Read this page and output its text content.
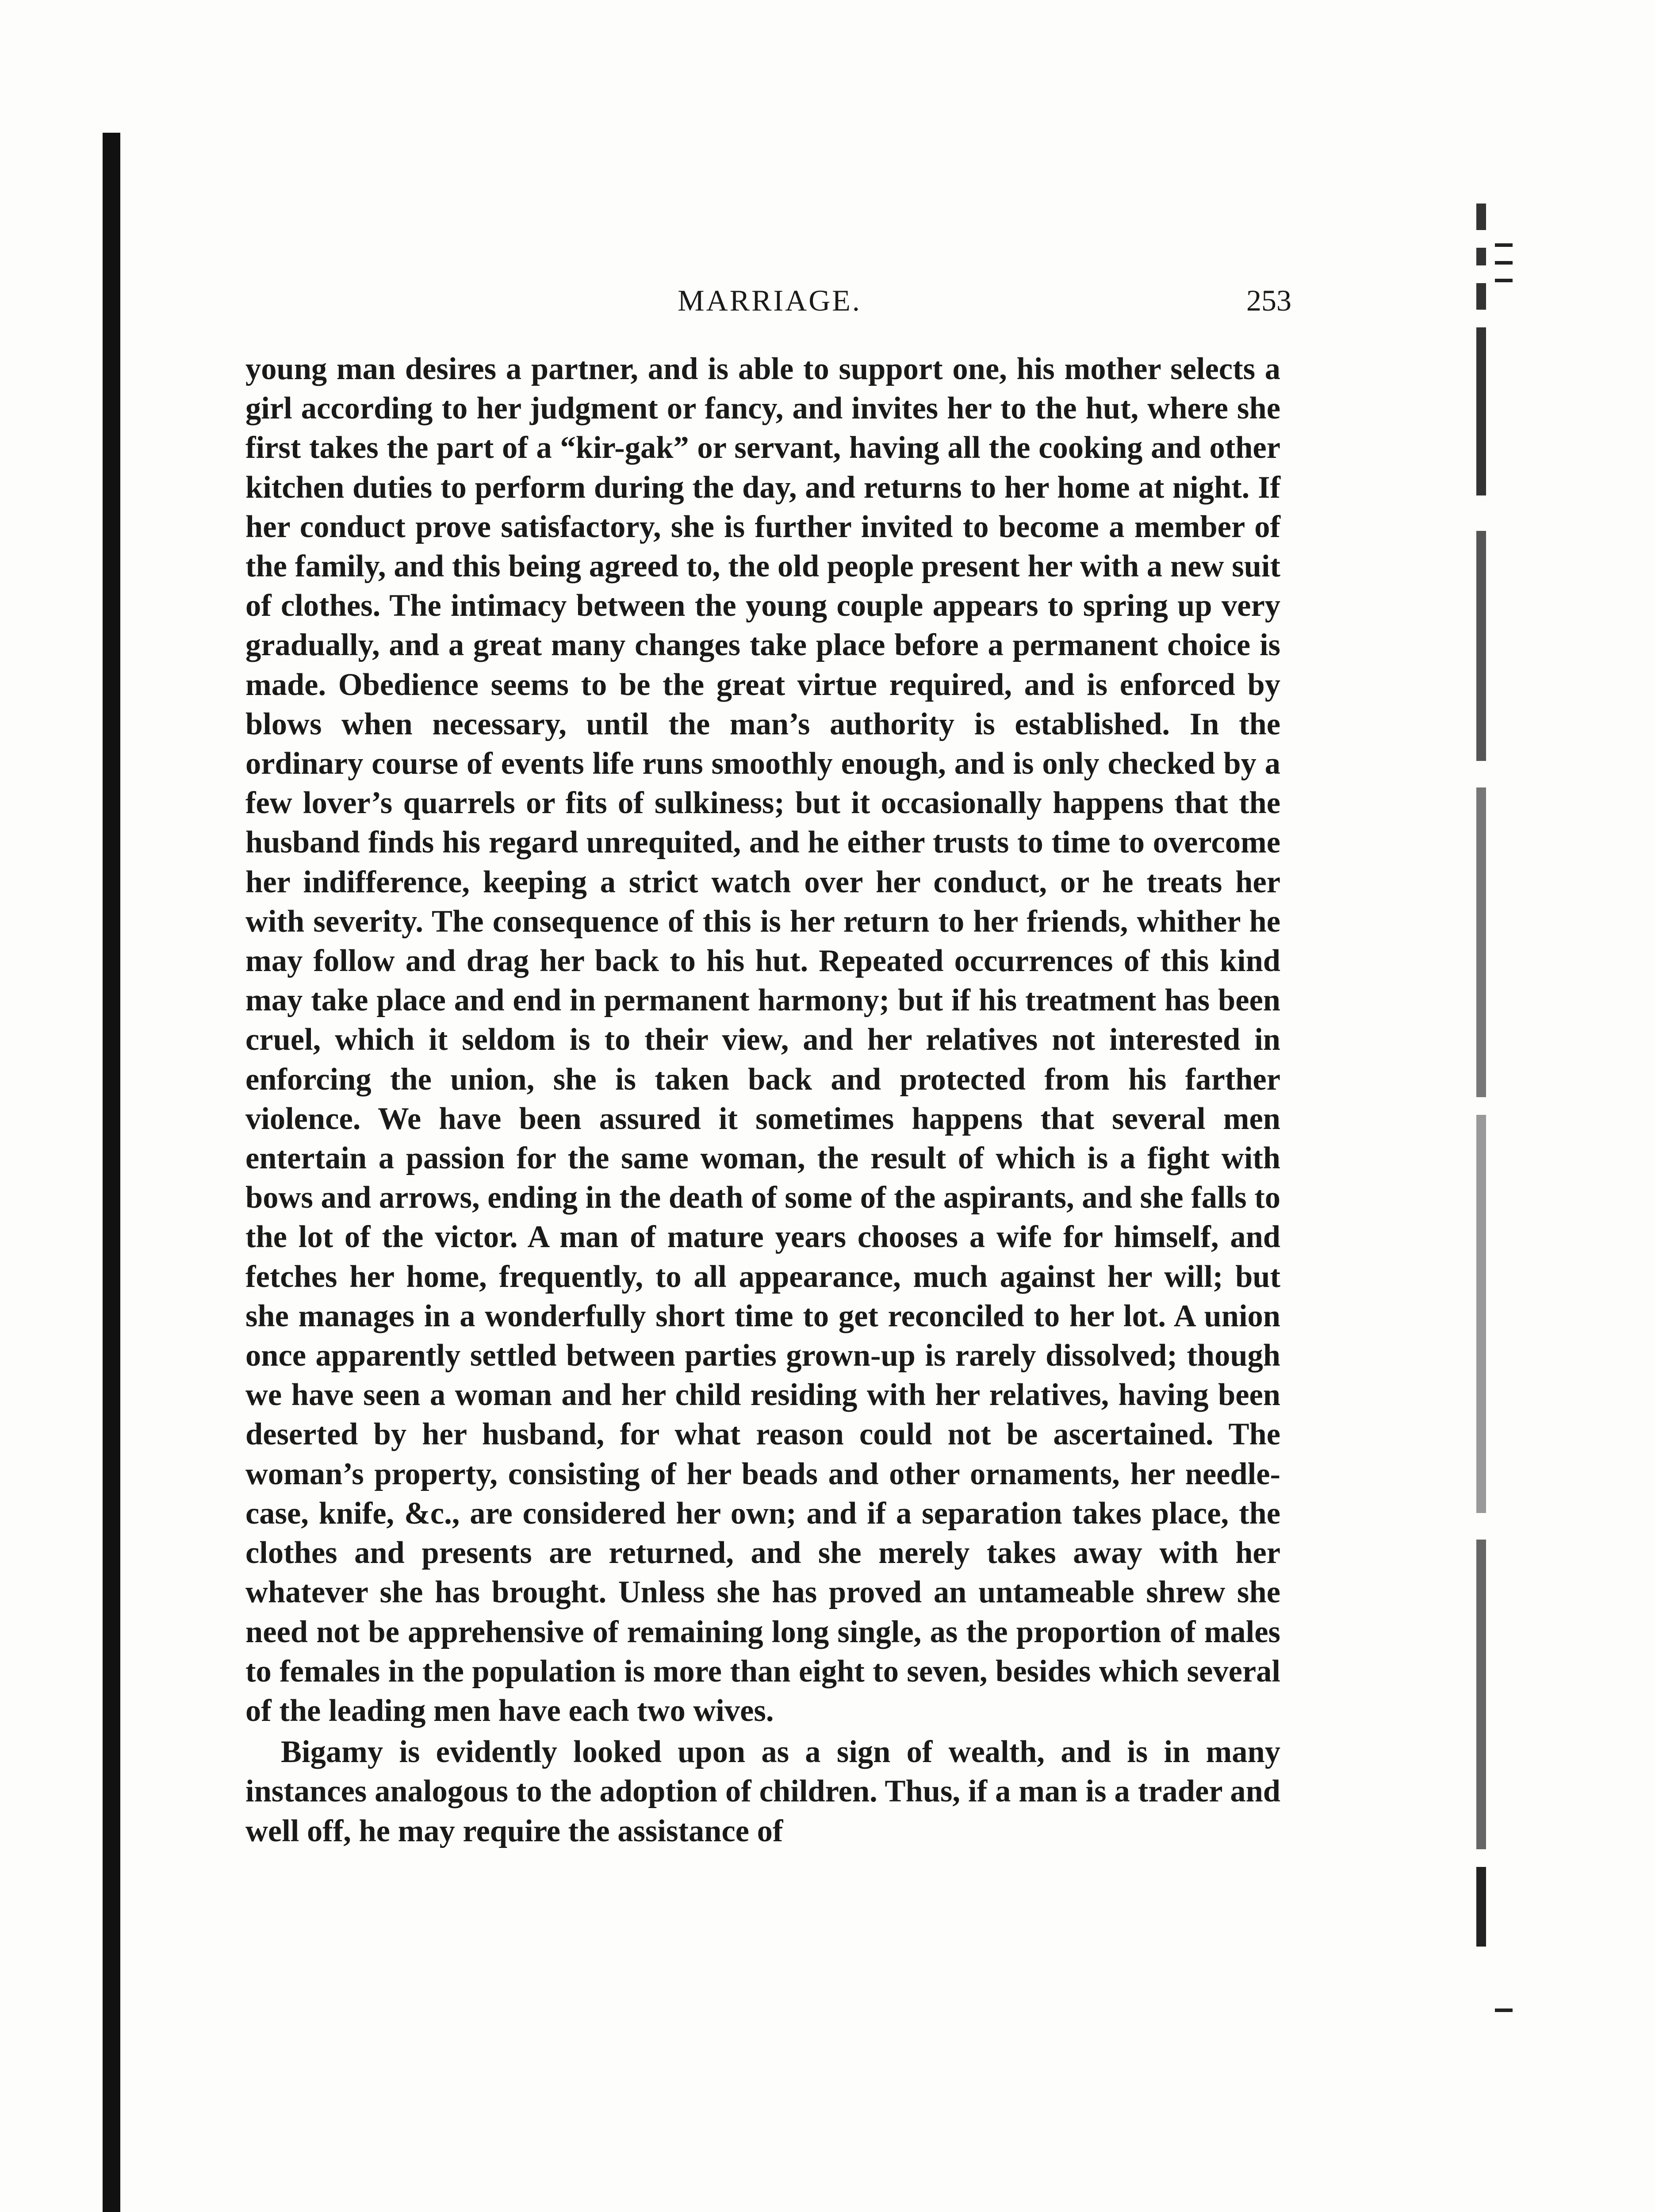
MARRIAGE.	253

young man desires a partner, and is able to support one, his mother selects a girl according to her judgment or fancy, and invites her to the hut, where she first takes the part of a “kir-gak” or servant, having all the cooking and other kitchen duties to perform during the day, and returns to her home at night. If her conduct prove satisfactory, she is further invited to become a member of the family, and this being agreed to, the old people present her with a new suit of clothes. The intimacy between the young couple appears to spring up very gradually, and a great many changes take place before a permanent choice is made. Obedience seems to be the great virtue required, and is enforced by blows when necessary, until the man’s authority is established. In the ordinary course of events life runs smoothly enough, and is only checked by a few lover’s quarrels or fits of sulkiness; but it occasionally happens that the husband finds his regard unrequited, and he either trusts to time to overcome her indifference, keeping a strict watch over her conduct, or he treats her with severity. The consequence of this is her return to her friends, whither he may follow and drag her back to his hut. Repeated occurrences of this kind may take place and end in permanent harmony; but if his treatment has been cruel, which it seldom is to their view, and her relatives not interested in enforcing the union, she is taken back and protected from his farther violence. We have been assured it sometimes happens that several men entertain a passion for the same woman, the result of which is a fight with bows and arrows, ending in the death of some of the aspirants, and she falls to the lot of the victor. A man of mature years chooses a wife for himself, and fetches her home, frequently, to all appearance, much against her will; but she manages in a wonderfully short time to get reconciled to her lot. A union once apparently settled between parties grown-up is rarely dissolved; though we have seen a woman and her child residing with her relatives, having been deserted by her husband, for what reason could not be ascertained. The woman’s property, consisting of her beads and other ornaments, her needle-case, knife, &c., are considered her own; and if a separation takes place, the clothes and presents are returned, and she merely takes away with her whatever she has brought. Unless she has proved an untameable shrew she need not be apprehensive of remaining long single, as the proportion of males to females in the population is more than eight to seven, besides which several of the leading men have each two wives.

Bigamy is evidently looked upon as a sign of wealth, and is in many instances analogous to the adoption of children. Thus, if a man is a trader and well off, he may require the assistance of
